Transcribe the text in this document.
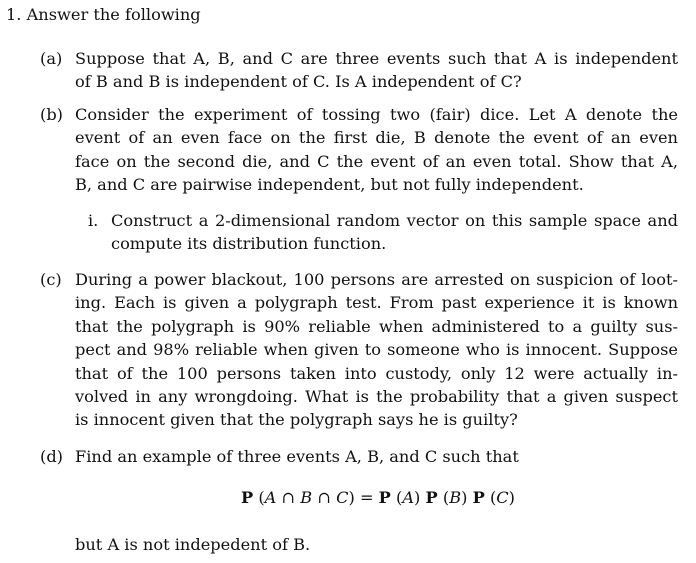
1. Answer the following
(a) Suppose that A, B, and C are three events such that A is independent
of B and B is independent of C. Is A independent of C?
(b) Consider the experiment of tossing two (fair) dice. Let A denote the
event of an even face on the first die, B denote the event of an even
face on the second die, and C the event of an even total. Show that A,
B, and C are pairwise independent, but not fully independent.
i. Construct a 2-dimensional random vector on this sample space and
compute its distribution function.
(c) During a power blackout, 100 persons are arrested on suspicion of loot-
ing. Each is given a polygraph test. From past experience it is known
that the polygraph is 90% reliable when administered to a guilty sus-
pect and 98% reliable when given to someone who is innocent. Suppose
that of the 100 persons taken into custody, only 12 were actually in-
volved in any wrongdoing. What is the probability that a given suspect
is innocent given that the polygraph says he is guilty?
(d) Find an example of three events A, B, and C such that
P (A ∩ B ∩ C) = P (A) P (B) P (C)
but A is not indepedent of B.
